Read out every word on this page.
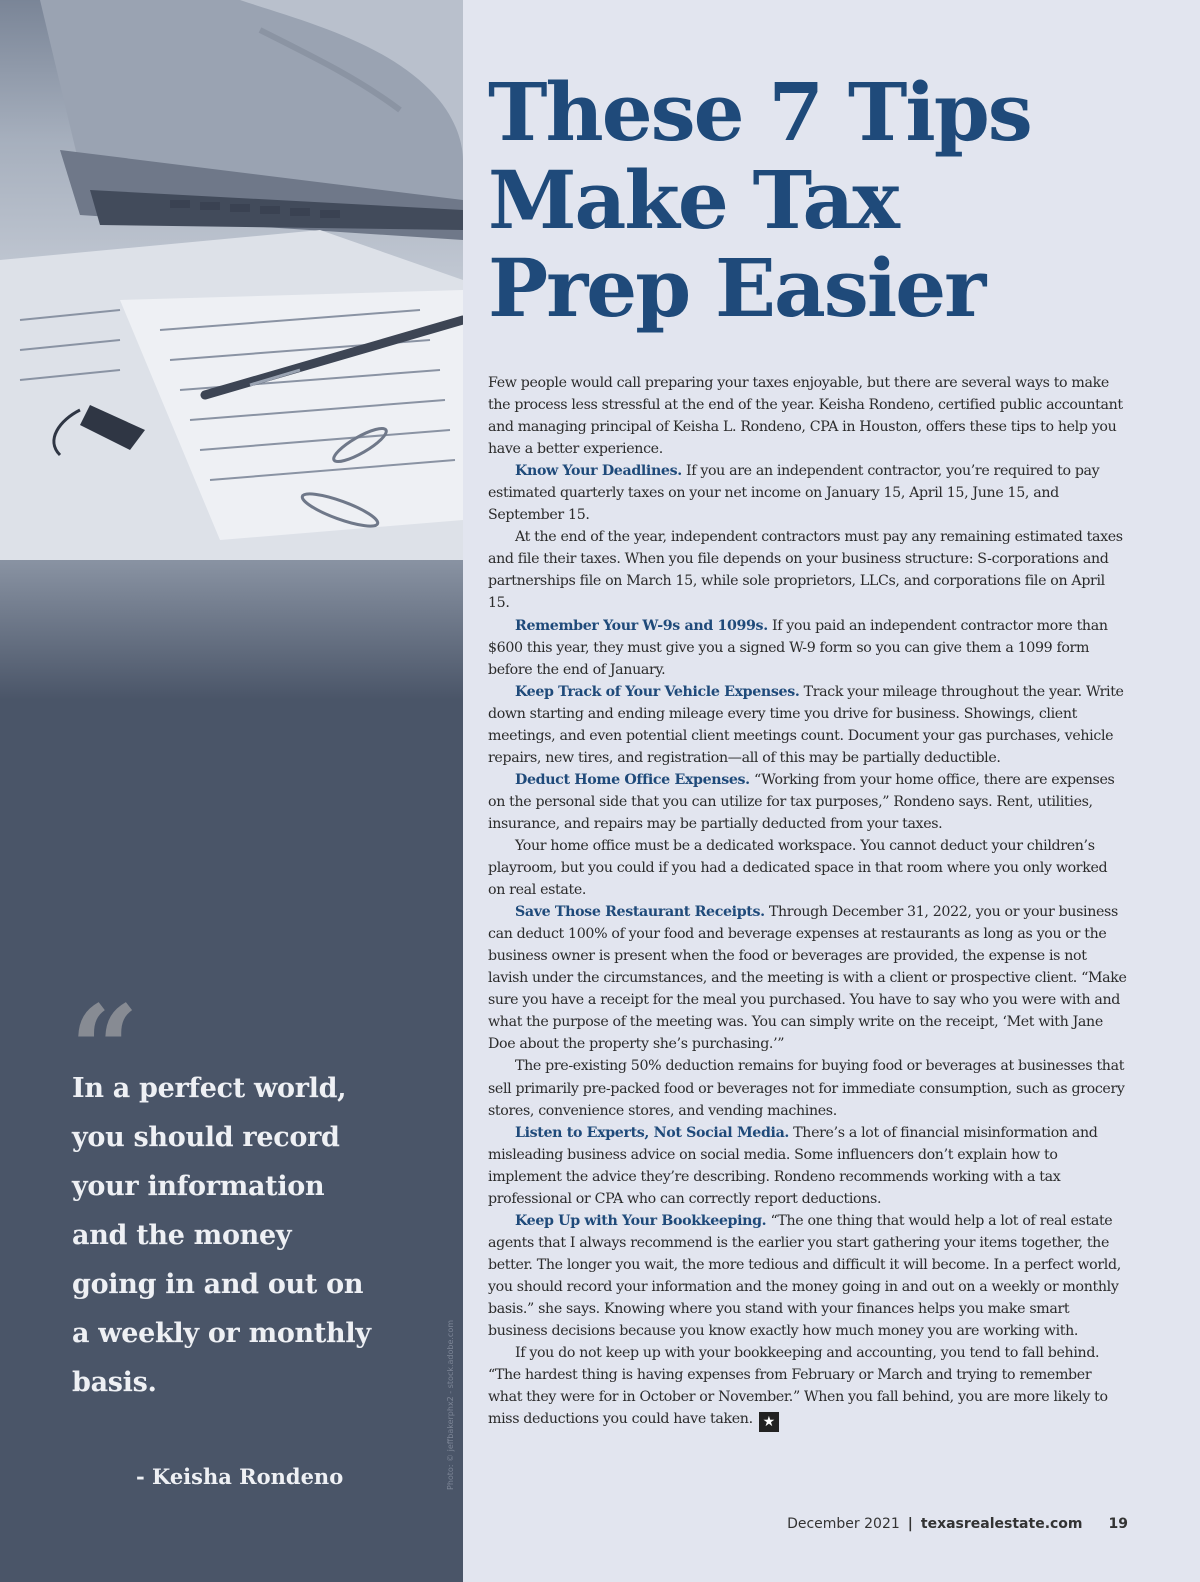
“
In a perfect world, you should record your information and the money going in and out on a weekly or monthly basis.
- Keisha Rondeno	Photo: © jeffbakerphx2 - stock.adobe.com
These 7 Tips
Make Tax
Prep Easier

Few people would call preparing your taxes enjoyable, but there are several ways to make the process less stressful at the end of the year. Keisha Rondeno, certified public accountant and managing principal of Keisha L. Rondeno, CPA in Houston, offers these tips to help you have a better experience.

Know Your Deadlines. If you are an independent contractor, you’re required to pay estimated quarterly taxes on your net income on January 15, April 15, June 15, and September 15.

At the end of the year, independent contractors must pay any remaining estimated taxes and file their taxes. When you file depends on your business structure: S-corporations and partnerships file on March 15, while sole proprietors, LLCs, and corporations file on April 15.

Remember Your W-9s and 1099s. If you paid an independent contractor more than $600 this year, they must give you a signed W-9 form so you can give them a 1099 form before the end of January.

Keep Track of Your Vehicle Expenses. Track your mileage throughout the year. Write down starting and ending mileage every time you drive for business. Showings, client meetings, and even potential client meetings count. Document your gas purchases, vehicle repairs, new tires, and registration—all of this may be partially deductible.

Deduct Home Office Expenses. “Working from your home office, there are expenses on the personal side that you can utilize for tax purposes,” Rondeno says. Rent, utilities, insurance, and repairs may be partially deducted from your taxes.

Your home office must be a dedicated workspace. You cannot deduct your children’s playroom, but you could if you had a dedicated space in that room where you only worked on real estate.

Save Those Restaurant Receipts. Through December 31, 2022, you or your business can deduct 100% of your food and beverage expenses at restaurants as long as you or the business owner is present when the food or beverages are provided, the expense is not lavish under the circumstances, and the meeting is with a client or prospective client. “Make sure you have a receipt for the meal you purchased. You have to say who you were with and what the purpose of the meeting was. You can simply write on the receipt, ‘Met with Jane Doe about the property she’s purchasing.’”

The pre-existing 50% deduction remains for buying food or beverages at businesses that sell primarily pre-packed food or beverages not for immediate consumption, such as grocery stores, convenience stores, and vending machines.

Listen to Experts, Not Social Media. There’s a lot of financial misinformation and misleading business advice on social media. Some influencers don’t explain how to implement the advice they’re describing. Rondeno recommends working with a tax professional or CPA who can correctly report deductions.

Keep Up with Your Bookkeeping. “The one thing that would help a lot of real estate agents that I always recommend is the earlier you start gathering your items together, the better. The longer you wait, the more tedious and difficult it will become. In a perfect world, you should record your information and the money going in and out on a weekly or monthly basis.” she says. Knowing where you stand with your finances helps you make smart business decisions because you know exactly how much money you are working with.

If you do not keep up with your bookkeeping and accounting, you tend to fall behind. “The hardest thing is having expenses from February or March and trying to remember what they were for in October or November.” When you fall behind, you are more likely to miss deductions you could have taken. ★

December 2021 | texasrealestate.com 19
